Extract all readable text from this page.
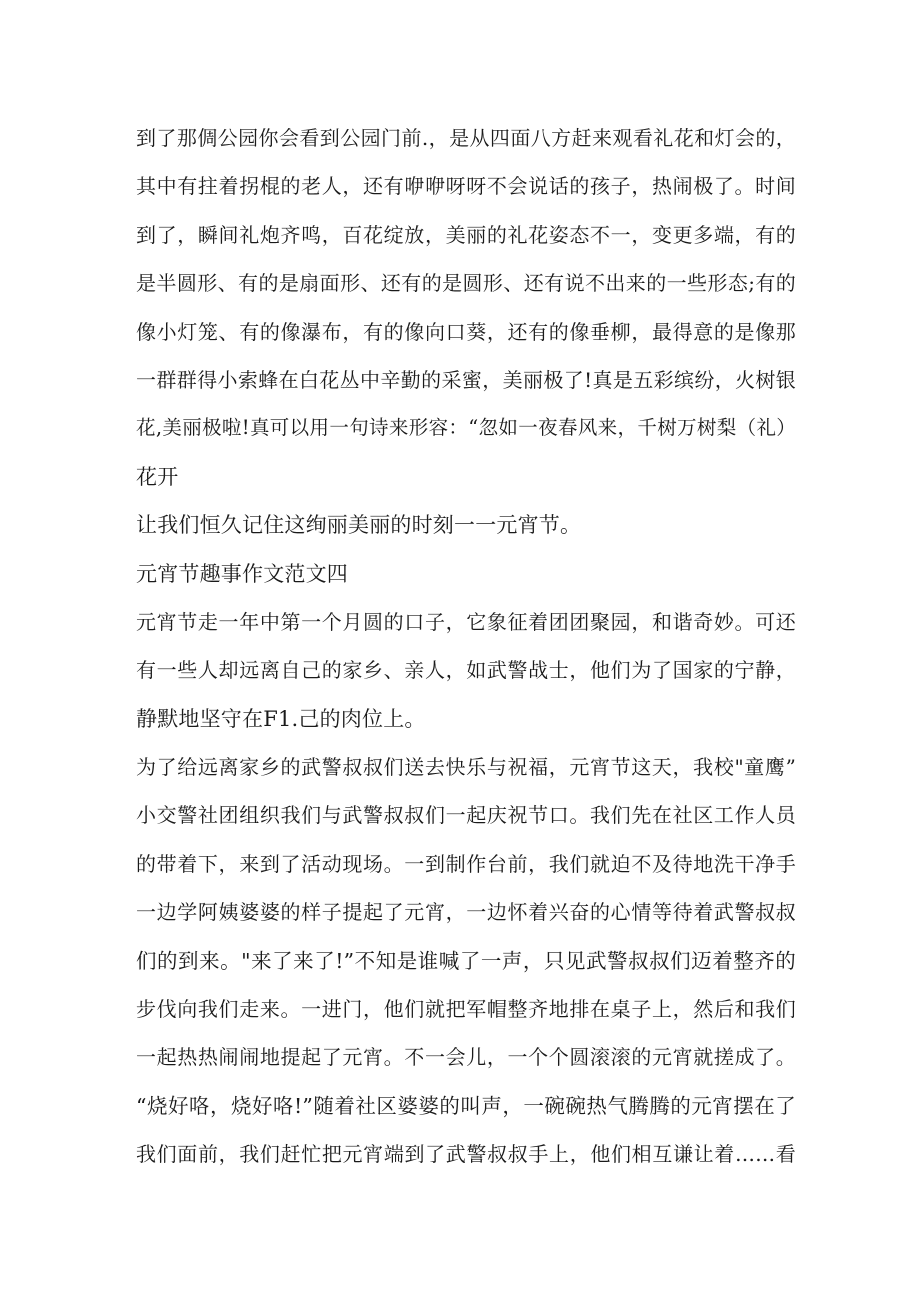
到了那倜公园你会看到公园门前.，是从四面八方赶来观看礼花和灯会的，
其中有拄着拐棍的老人，还有咿咿呀呀不会说话的孩子，热闹极了。时间
到了，瞬间礼炮齐鸣，百花绽放，美丽的礼花姿态不一，变更多端，有的
是半圆形、有的是扇面形、还有的是圆形、还有说不出来的一些形态;有的
像小灯笼、有的像瀑布，有的像向口葵，还有的像垂柳，最得意的是像那
一群群得小索蜂在白花丛中辛勤的采蜜，美丽极了!真是五彩缤纷，火树银
花,美丽极啦!真可以用一句诗来形容：“忽如一夜春风来，千树万树梨（礼）
花开
让我们恒久记住这绚丽美丽的时刻一一元宵节。
元宵节趣事作文范文四
元宵节走一年中第一个月圆的口子，它象征着团团聚园，和谐奇妙。可还
有一些人却远离自己的家乡、亲人，如武警战士，他们为了国家的宁静，
静默地坚守在F1.己的肉位上。
为了给远离家乡的武警叔叔们送去快乐与祝福，元宵节这天，我校"童鹰”
小交警社团组织我们与武警叔叔们一起庆祝节口。我们先在社区工作人员
的带着下，来到了活动现场。一到制作台前，我们就迫不及待地洗干净手
一边学阿姨婆婆的样子提起了元宵，一边怀着兴奋的心情等待着武警叔叔
们的到来。"来了来了!”不知是谁喊了一声，只见武警叔叔们迈着整齐的
步伐向我们走来。一进门，他们就把军帽整齐地排在桌子上，然后和我们
一起热热闹闹地提起了元宵。不一会儿，一个个圆滚滚的元宵就搓成了。
“烧好咯，烧好咯!”随着社区婆婆的叫声，一碗碗热气腾腾的元宵摆在了
我们面前，我们赶忙把元宵端到了武警叔叔手上，他们相互谦让着……看
